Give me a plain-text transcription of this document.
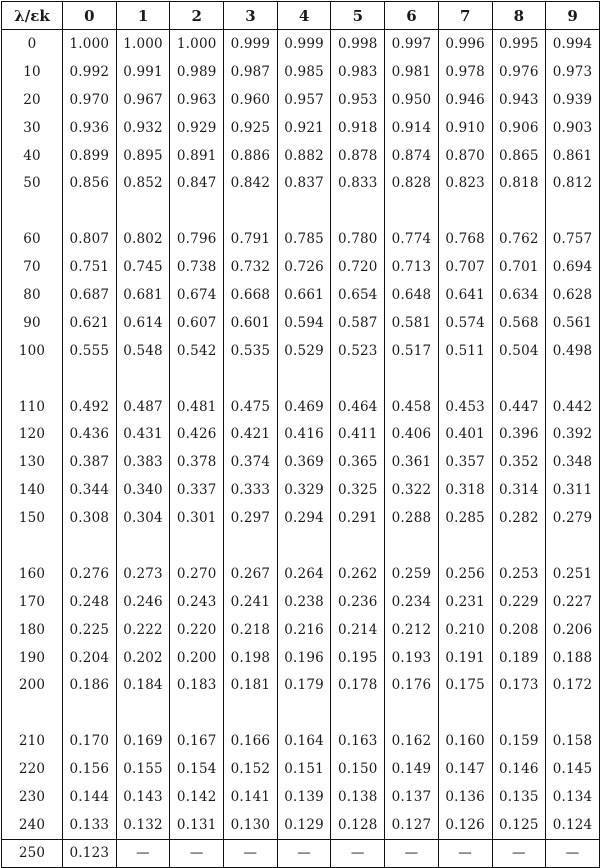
λ/εk	0	1	2	3	4	5	6	7	8	9
0	1.000	1.000	1.000	0.999	0.999	0.998	0.997	0.996	0.995	0.994
10	0.992	0.991	0.989	0.987	0.985	0.983	0.981	0.978	0.976	0.973
20	0.970	0.967	0.963	0.960	0.957	0.953	0.950	0.946	0.943	0.939
30	0.936	0.932	0.929	0.925	0.921	0.918	0.914	0.910	0.906	0.903
40	0.899	0.895	0.891	0.886	0.882	0.878	0.874	0.870	0.865	0.861
50	0.856	0.852	0.847	0.842	0.837	0.833	0.828	0.823	0.818	0.812

60	0.807	0.802	0.796	0.791	0.785	0.780	0.774	0.768	0.762	0.757
70	0.751	0.745	0.738	0.732	0.726	0.720	0.713	0.707	0.701	0.694
80	0.687	0.681	0.674	0.668	0.661	0.654	0.648	0.641	0.634	0.628
90	0.621	0.614	0.607	0.601	0.594	0.587	0.581	0.574	0.568	0.561
100	0.555	0.548	0.542	0.535	0.529	0.523	0.517	0.511	0.504	0.498

110	0.492	0.487	0.481	0.475	0.469	0.464	0.458	0.453	0.447	0.442
120	0.436	0.431	0.426	0.421	0.416	0.411	0.406	0.401	0.396	0.392
130	0.387	0.383	0.378	0.374	0.369	0.365	0.361	0.357	0.352	0.348
140	0.344	0.340	0.337	0.333	0.329	0.325	0.322	0.318	0.314	0.311
150	0.308	0.304	0.301	0.297	0.294	0.291	0.288	0.285	0.282	0.279

160	0.276	0.273	0.270	0.267	0.264	0.262	0.259	0.256	0.253	0.251
170	0.248	0.246	0.243	0.241	0.238	0.236	0.234	0.231	0.229	0.227
180	0.225	0.222	0.220	0.218	0.216	0.214	0.212	0.210	0.208	0.206
190	0.204	0.202	0.200	0.198	0.196	0.195	0.193	0.191	0.189	0.188
200	0.186	0.184	0.183	0.181	0.179	0.178	0.176	0.175	0.173	0.172

210	0.170	0.169	0.167	0.166	0.164	0.163	0.162	0.160	0.159	0.158
220	0.156	0.155	0.154	0.152	0.151	0.150	0.149	0.147	0.146	0.145
230	0.144	0.143	0.142	0.141	0.139	0.138	0.137	0.136	0.135	0.134
240	0.133	0.132	0.131	0.130	0.129	0.128	0.127	0.126	0.125	0.124
250	0.123	—	—	—	—	—	—	—	—	—
